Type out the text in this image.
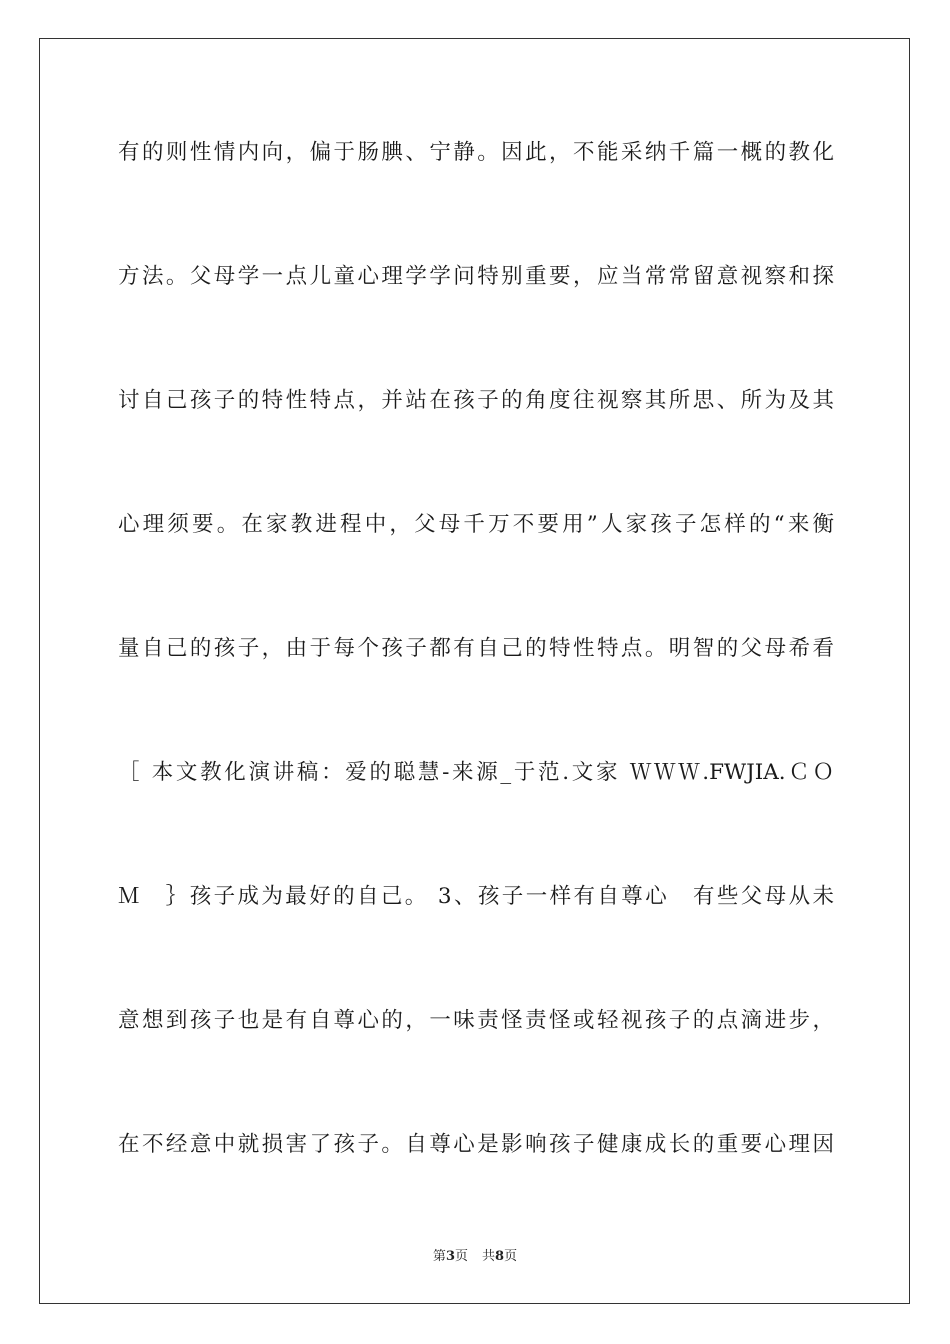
有的则性情内向，偏于肠腆、宁静。因此，不能采纳千篇一概的教化
方法。父母学一点儿童心理学学问特别重要，应当常常留意视察和探
讨自己孩子的特性特点，并站在孩子的角度往视察其所思、所为及其
心理须要。在家教进程中，父母千万不要用”人家孩子怎样的“来衡
量自己的孩子，由于每个孩子都有自己的特性特点。明智的父母希看
［ 本文教化演讲稿：爱的聪慧-来源_于范.文家 ＷＷＷ.FWJIA.ＣＯ
Ｍ　｝孩子成为最好的自己。 3、孩子一样有自尊心　有些父母从未
意想到孩子也是有自尊心的，一味责怪责怪或轻视孩子的点滴进步，
在不经意中就损害了孩子。自尊心是影响孩子健康成长的重要心理因
第3页 共8页
